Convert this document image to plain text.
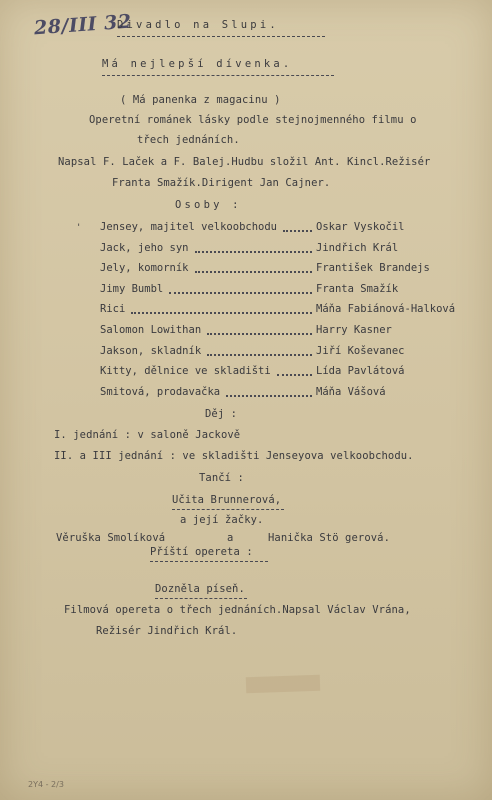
28/III 32
Divadlo na Slupi.
Má nejlepší dívenka.
( Má panenka z magacinu )
Operetní románek lásky podle stejnojmenného filmu o
třech jednáních.
Napsal F. Laček a F. Balej.Hudbu složil Ant. Kincl.Režisér
Franta Smažík.Dirigent Jan Cajner.
Osoby :
' Jensey, majitel velkoobchodu	Oskar Vyskočil
Jack, jeho syn	Jindřich Král
Jely, komorník	František Brandejs
Jimy Bumbl	Franta Smažík
Rici	Máňa Fabiánová-Halková
Salomon Lowithan	Harry Kasner
Jakson, skladník	Jiří Koševanec
Kitty, dělnice ve skladišti	Lída Pavlátová
Smitová, prodavačka	Máňa Vášová
Děj :
I. jednání : v saloně Jackově
II. a III jednání : ve skladišti Jenseyova velkoobchodu.
Tančí :
Učita Brunnerová,
a její žačky.
Věruška Smolíková	a	Hanička Stö gerová.
Příští opereta :
Dozněla píseň.
Filmová opereta o třech jednáních.Napsal Václav Vrána,
Režisér Jindřich Král.
2Y4 - 2/3
